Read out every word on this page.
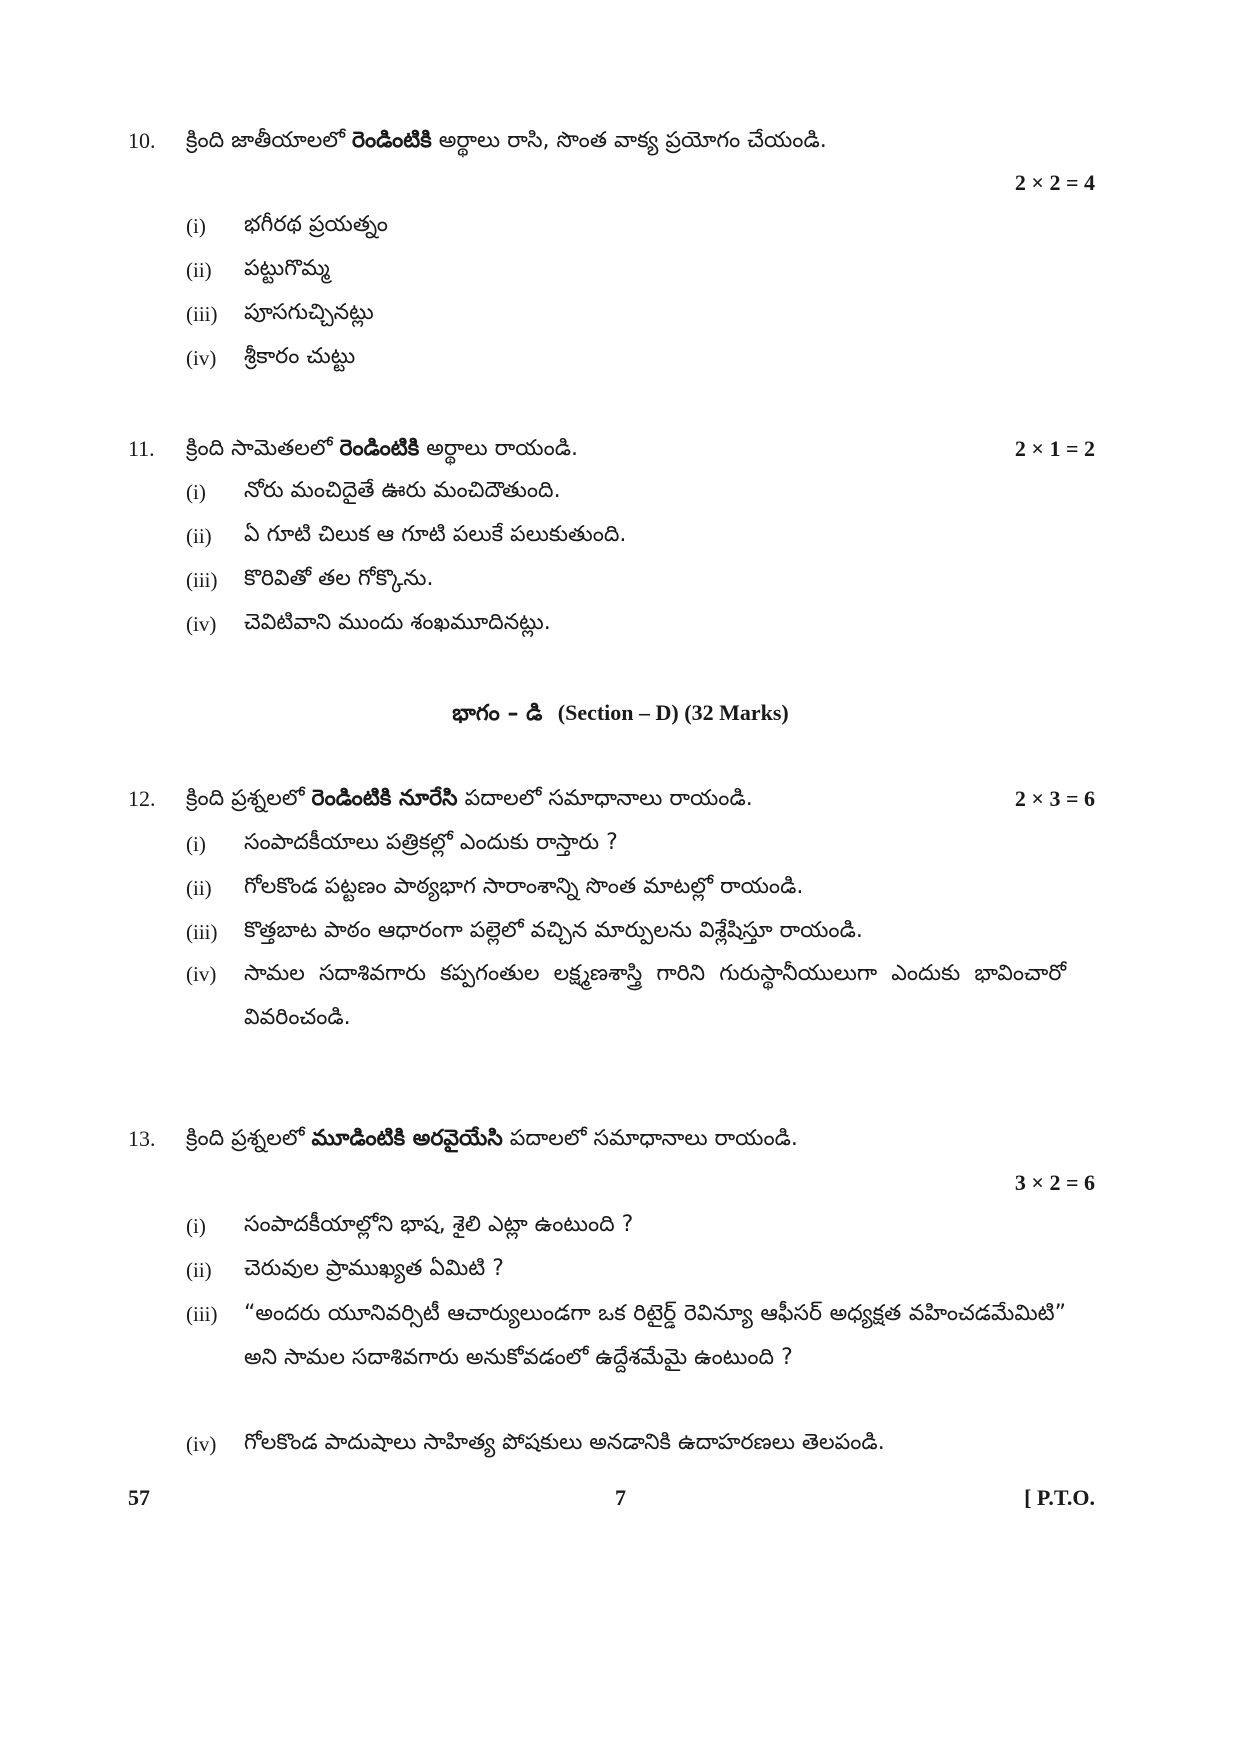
10. క్రింది జాతీయాలలో రెండింటికి అర్థాలు రాసి, సొంత వాక్య ప్రయోగం చేయండి.
2 × 2 = 4
(i) భగీరథ ప్రయత్నం
(ii) పట్టుగొమ్మ
(iii) పూసగుచ్చినట్లు
(iv) శ్రీకారం చుట్టు
11. క్రింది సామెతలలో రెండింటికి అర్థాలు రాయండి.	2 × 1 = 2
(i) నోరు మంచిదైతే ఊరు మంచిదౌతుంది.
(ii) ఏ గూటి చిలుక ఆ గూటి పలుకే పలుకుతుంది.
(iii) కొరివితో తల గోక్కొను.
(iv) చెవిటివాని ముందు శంఖమూదినట్లు.
భాగం – డి (Section – D) (32 Marks)
12. క్రింది ప్రశ్నలలో రెండింటికి నూరేసి పదాలలో సమాధానాలు రాయండి.	2 × 3 = 6
(i) సంపాదకీయాలు పత్రికల్లో ఎందుకు రాస్తారు ?
(ii) గోలకొండ పట్టణం పాఠ్యభాగ సారాంశాన్ని సొంత మాటల్లో రాయండి.
(iii) కొత్తబాట పాఠం ఆధారంగా పల్లెలో వచ్చిన మార్పులను విశ్లేషిస్తూ రాయండి.
(iv) సామల సదాశివగారు కప్పగంతుల లక్ష్మణశాస్త్రి గారిని గురుస్థానీయులుగా ఎందుకు భావించారో వివరించండి.
13. క్రింది ప్రశ్నలలో మూడింటికి అరవైయేసి పదాలలో సమాధానాలు రాయండి.
3 × 2 = 6
(i) సంపాదకీయాల్లోని భాష, శైలి ఎట్లా ఉంటుంది ?
(ii) చెరువుల ప్రాముఖ్యత ఏమిటి ?
(iii) “అందరు యూనివర్సిటీ ఆచార్యులుండగా ఒక రిటైర్డ్ రెవిన్యూ ఆఫీసర్ అధ్యక్షత వహించడమేమిటి” అని సామల సదాశివగారు అనుకోవడంలో ఉద్దేశమేమై ఉంటుంది ?
(iv) గోలకొండ పాదుషాలు సాహిత్య పోషకులు అనడానికి ఉదాహరణలు తెలపండి.
57	7	[ P.T.O.
